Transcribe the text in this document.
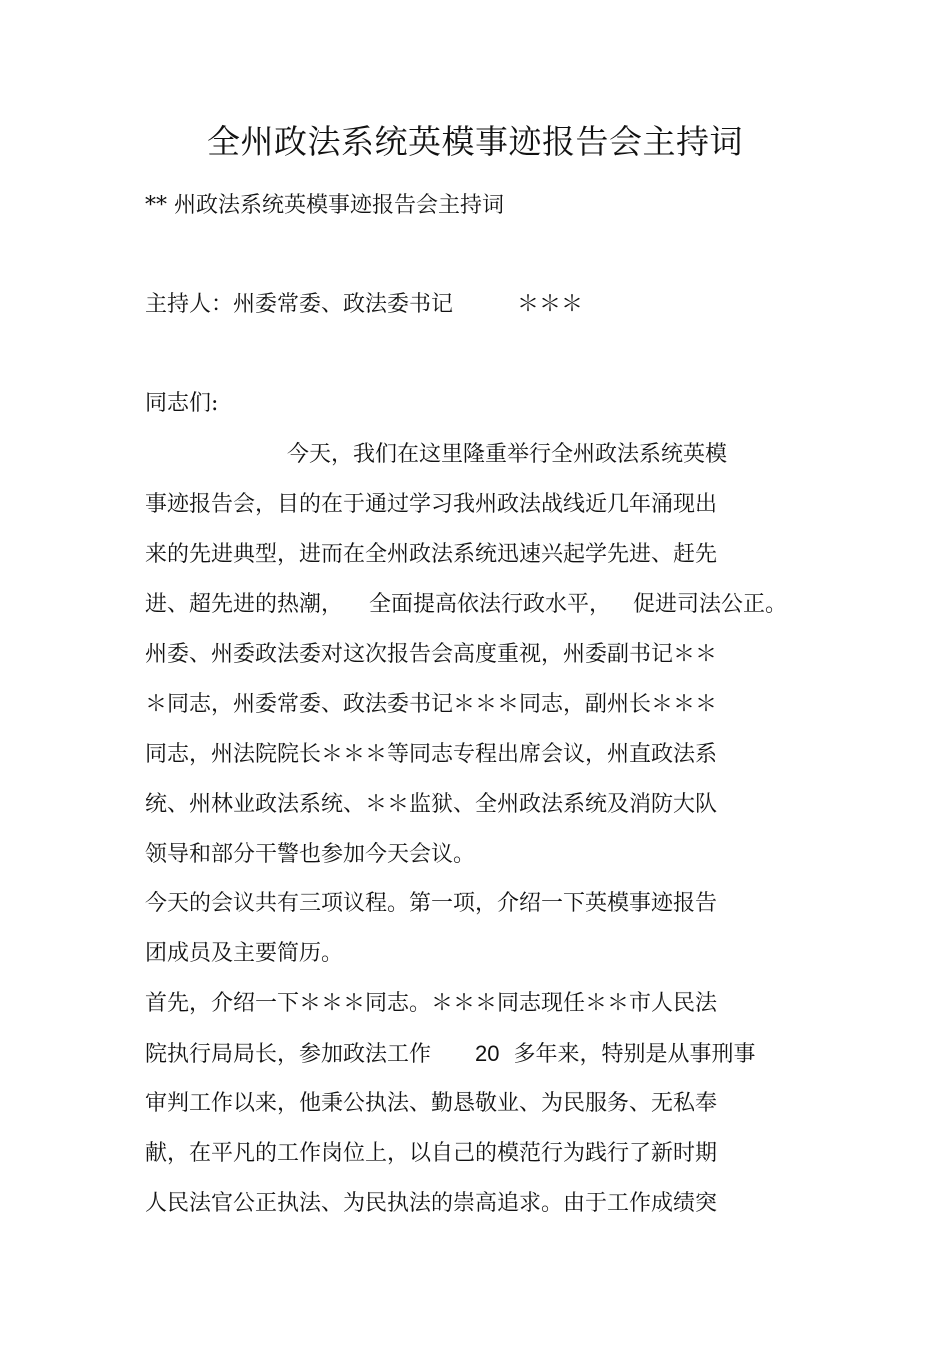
全州政法系统英模事迹报告会主持词
** 州政法系统英模事迹报告会主持词
主持人：州委常委、政法委书记	＊＊＊
同志们:
今天，我们在这里隆重举行全州政法系统英模
事迹报告会，目的在于通过学习我州政法战线近几年涌现出
来的先进典型，进而在全州政法系统迅速兴起学先进、赶先
进、超先进的热潮， 全面提高依法行政水平， 促进司法公正。
州委、州委政法委对这次报告会高度重视，州委副书记＊＊
＊同志，州委常委、政法委书记＊＊＊同志，副州长＊＊＊
同志，州法院院长＊＊＊等同志专程出席会议，州直政法系
统、州林业政法系统、＊＊监狱、全州政法系统及消防大队
领导和部分干警也参加今天会议。
今天的会议共有三项议程。第一项，介绍一下英模事迹报告
团成员及主要简历。
首先，介绍一下＊＊＊同志。＊＊＊同志现任＊＊市人民法
院执行局局长，参加政法工作 20 多年来，特别是从事刑事
审判工作以来，他秉公执法、勤恳敬业、为民服务、无私奉
献，在平凡的工作岗位上，以自己的模范行为践行了新时期
人民法官公正执法、为民执法的崇高追求。由于工作成绩突
